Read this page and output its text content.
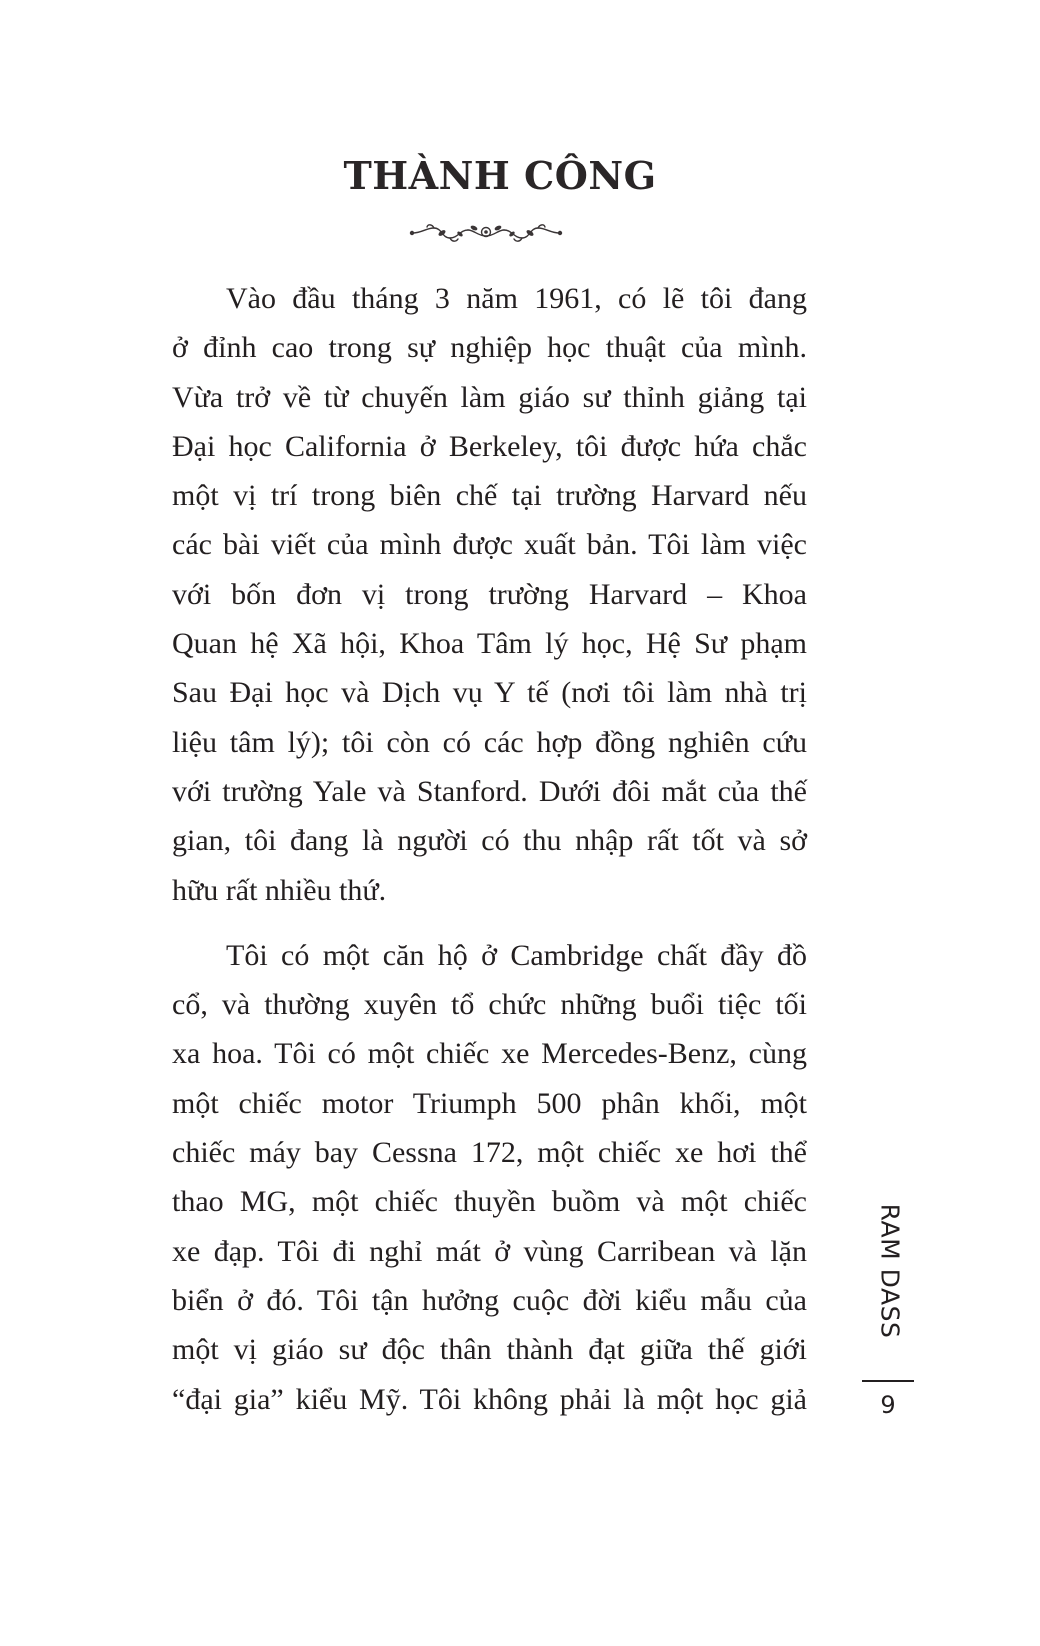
THÀNH CÔNG

Vào đầu tháng 3 năm 1961, có lẽ tôi đang
ở đỉnh cao trong sự nghiệp học thuật của mình.
Vừa trở về từ chuyến làm giáo sư thỉnh giảng tại
Đại học California ở Berkeley, tôi được hứa chắc
một vị trí trong biên chế tại trường Harvard nếu
các bài viết của mình được xuất bản. Tôi làm việc
với bốn đơn vị trong trường Harvard – Khoa
Quan hệ Xã hội, Khoa Tâm lý học, Hệ Sư phạm
Sau Đại học và Dịch vụ Y tế (nơi tôi làm nhà trị
liệu tâm lý); tôi còn có các hợp đồng nghiên cứu
với trường Yale và Stanford. Dưới đôi mắt của thế
gian, tôi đang là người có thu nhập rất tốt và sở
hữu rất nhiều thứ.

Tôi có một căn hộ ở Cambridge chất đầy đồ
cổ, và thường xuyên tổ chức những buổi tiệc tối
xa hoa. Tôi có một chiếc xe Mercedes-Benz, cùng
một chiếc motor Triumph 500 phân khối, một
chiếc máy bay Cessna 172, một chiếc xe hơi thể
thao MG, một chiếc thuyền buồm và một chiếc
xe đạp. Tôi đi nghỉ mát ở vùng Carribean và lặn
biển ở đó. Tôi tận hưởng cuộc đời kiểu mẫu của
một vị giáo sư độc thân thành đạt giữa thế giới
“đại gia” kiểu Mỹ. Tôi không phải là một học giả

RAM DASS
9
